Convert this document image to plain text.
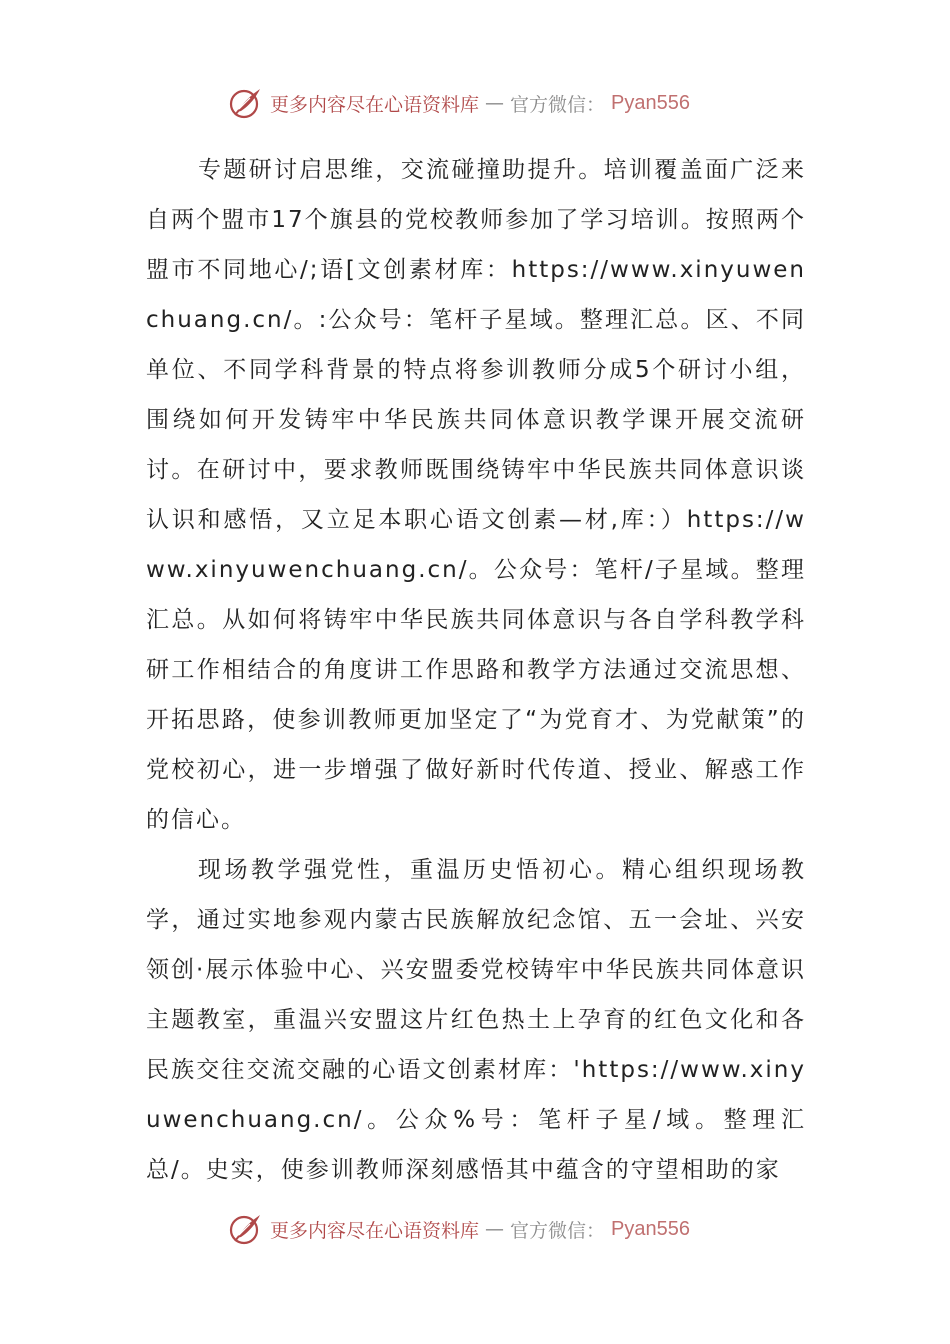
更多内容尽在心语资料库 — 官方微信： Pyan556

专题研讨启思维，交流碰撞助提升。培训覆盖面广泛来自两个盟市17个旗县的党校教师参加了学习培训。按照两个盟市不同地心/;语[文创素材库：https://www.xinyuwenchuang.cn/。:公众号：笔杆子星域。整理汇总。区、不同单位、不同学科背景的特点将参训教师分成5个研讨小组，围绕如何开发铸牢中华民族共同体意识教学课开展交流研讨。在研讨中，要求教师既围绕铸牢中华民族共同体意识谈认识和感悟，又立足本职心语文创素—材,库：）https://www.xinyuwenchuang.cn/。公众号：笔杆/子星域。整理汇总。从如何将铸牢中华民族共同体意识与各自学科教学科研工作相结合的角度讲工作思路和教学方法通过交流思想、开拓思路，使参训教师更加坚定了“为党育才、为党献策”的党校初心，进一步增强了做好新时代传道、授业、解惑工作的信心。

现场教学强党性，重温历史悟初心。精心组织现场教学，通过实地参观内蒙古民族解放纪念馆、五一会址、兴安领创·展示体验中心、兴安盟委党校铸牢中华民族共同体意识主题教室，重温兴安盟这片红色热土上孕育的红色文化和各民族交往交流交融的心语文创素材库：'https://www.xinyuwenchuang.cn/。公众%号：笔杆子星/域。整理汇总/。史实，使参训教师深刻感悟其中蕴含的守望相助的家

更多内容尽在心语资料库 — 官方微信： Pyan556
